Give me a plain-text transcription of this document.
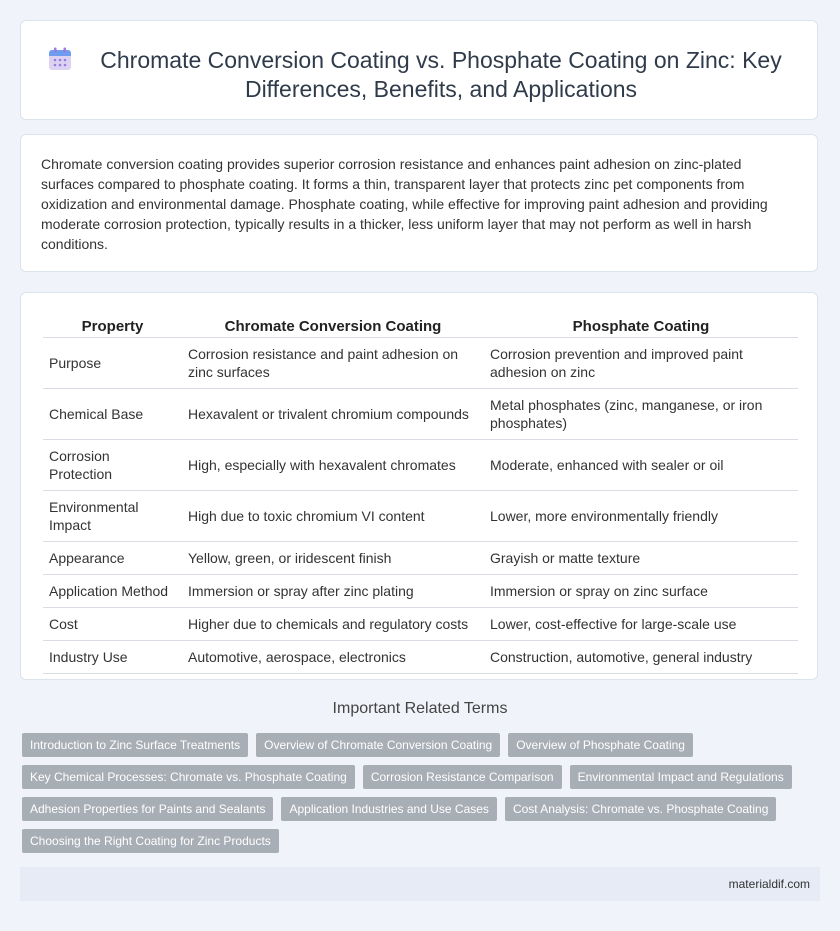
Chromate Conversion Coating vs. Phosphate Coating on Zinc: Key Differences, Benefits, and Applications

Chromate conversion coating provides superior corrosion resistance and enhances paint adhesion on zinc-plated surfaces compared to phosphate coating. It forms a thin, transparent layer that protects zinc pet components from oxidization and environmental damage. Phosphate coating, while effective for improving paint adhesion and providing moderate corrosion protection, typically results in a thicker, less uniform layer that may not perform as well in harsh conditions.

Property	Chromate Conversion Coating	Phosphate Coating
Purpose	Corrosion resistance and paint adhesion on zinc surfaces	Corrosion prevention and improved paint adhesion on zinc
Chemical Base	Hexavalent or trivalent chromium compounds	Metal phosphates (zinc, manganese, or iron phosphates)
Corrosion Protection	High, especially with hexavalent chromates	Moderate, enhanced with sealer or oil
Environmental Impact	High due to toxic chromium VI content	Lower, more environmentally friendly
Appearance	Yellow, green, or iridescent finish	Grayish or matte texture
Application Method	Immersion or spray after zinc plating	Immersion or spray on zinc surface
Cost	Higher due to chemicals and regulatory costs	Lower, cost-effective for large-scale use
Industry Use	Automotive, aerospace, electronics	Construction, automotive, general industry
Important Related Terms
Introduction to Zinc Surface Treatments	Overview of Chromate Conversion Coating	Overview of Phosphate Coating
Key Chemical Processes: Chromate vs. Phosphate Coating	Corrosion Resistance Comparison	Environmental Impact and Regulations
Adhesion Properties for Paints and Sealants	Application Industries and Use Cases	Cost Analysis: Chromate vs. Phosphate Coating
Choosing the Right Coating for Zinc Products
materialdif.com
